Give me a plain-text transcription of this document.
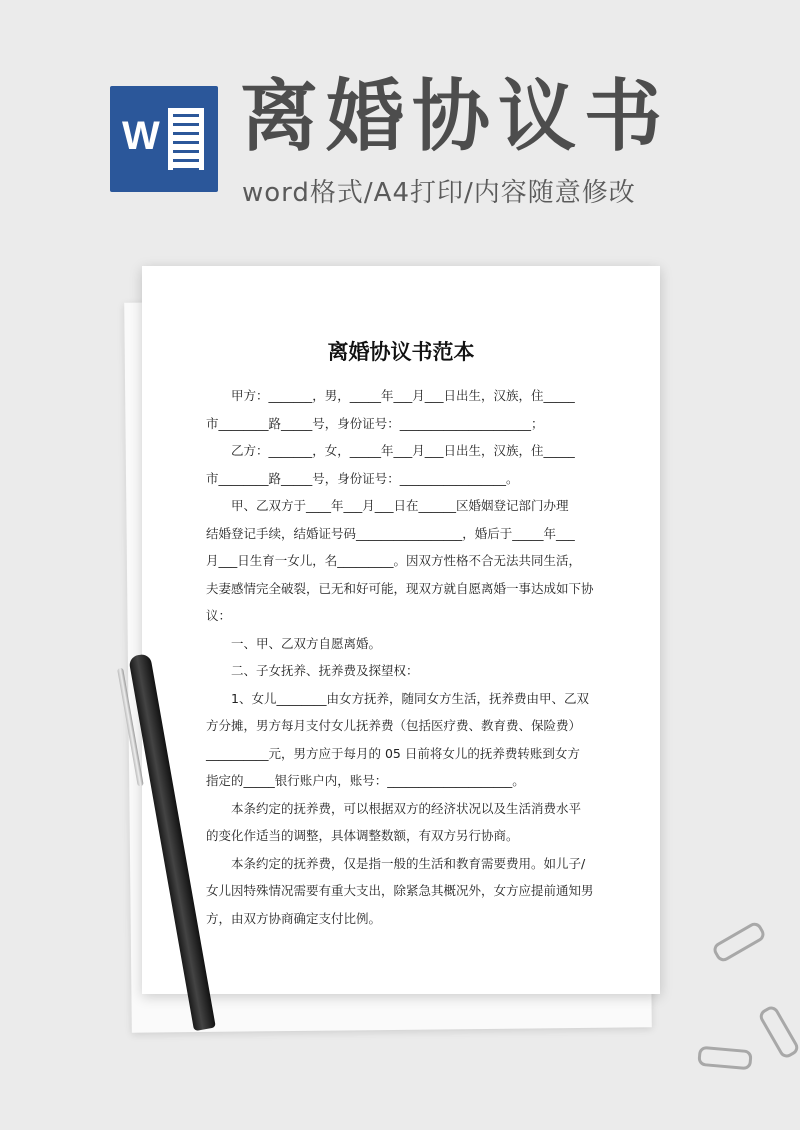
W 离婚协议书
word格式/A4打印/内容随意修改
离婚协议书范本

甲方：_______，男，_____年___月___日出生，汉族，住_____

市________路_____号，身份证号：_____________________；

乙方：_______，女，_____年___月___日出生，汉族，住_____

市________路_____号，身份证号：_________________。

甲、乙双方于____年___月___日在______区婚姻登记部门办理

结婚登记手续，结婚证号码_________________，婚后于_____年___

月___日生育一女儿，名_________。因双方性格不合无法共同生活，

夫妻感情完全破裂，已无和好可能，现双方就自愿离婚一事达成如下协

议：

一、甲、乙双方自愿离婚。

二、子女抚养、抚养费及探望权：

1、女儿________由女方抚养，随同女方生活，抚养费由甲、乙双

方分摊，男方每月支付女儿抚养费（包括医疗费、教育费、保险费）

__________元，男方应于每月的 05 日前将女儿的抚养费转账到女方

指定的_____银行账户内，账号：____________________。

本条约定的抚养费，可以根据双方的经济状况以及生活消费水平

的变化作适当的调整，具体调整数额，有双方另行协商。

本条约定的抚养费，仅是指一般的生活和教育需要费用。如儿子/

女儿因特殊情况需要有重大支出，除紧急其概况外，女方应提前通知男

方，由双方协商确定支付比例。
